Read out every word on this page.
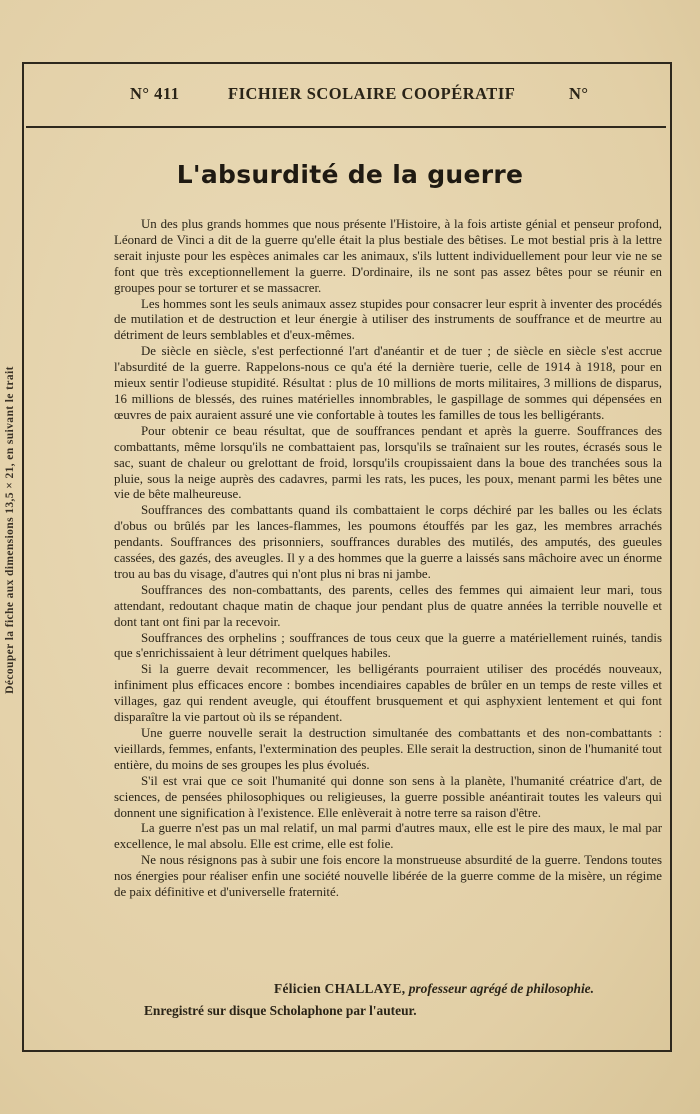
Découper la fiche aux dimensions 13,5 × 21, en suivant le trait
N° 411	FICHIER SCOLAIRE COOPÉRATIF	N°
L'absurdité de la guerre

Un des plus grands hommes que nous présente l'Histoire, à la fois artiste génial et penseur profond, Léonard de Vinci a dit de la guerre qu'elle était la plus bestiale des bêtises. Le mot bestial pris à la lettre serait injuste pour les espèces animales car les animaux, s'ils luttent individuellement pour leur vie ne se font que très exceptionnellement la guerre. D'ordinaire, ils ne sont pas assez bêtes pour se réunir en groupes pour se torturer et se massacrer.

Les hommes sont les seuls animaux assez stupides pour consacrer leur esprit à inventer des procédés de mutilation et de destruction et leur énergie à utiliser des instruments de souffrance et de meurtre au détriment de leurs semblables et d'eux-mêmes.

De siècle en siècle, s'est perfectionné l'art d'anéantir et de tuer ; de siècle en siècle s'est accrue l'absurdité de la guerre. Rappelons-nous ce qu'a été la dernière tuerie, celle de 1914 à 1918, pour en mieux sentir l'odieuse stupidité. Résultat : plus de 10 millions de morts militaires, 3 millions de disparus, 16 millions de blessés, des ruines matérielles innombrables, le gaspillage de sommes qui dépensées en œuvres de paix auraient assuré une vie confortable à toutes les familles de tous les belligérants.

Pour obtenir ce beau résultat, que de souffrances pendant et après la guerre. Souffrances des combattants, même lorsqu'ils ne combattaient pas, lorsqu'ils se traînaient sur les routes, écrasés sous le sac, suant de chaleur ou grelottant de froid, lorsqu'ils croupissaient dans la boue des tranchées sous la pluie, sous la neige auprès des cadavres, parmi les rats, les puces, les poux, menant parmi les bêtes une vie de bête malheureuse.

Souffrances des combattants quand ils combattaient le corps déchiré par les balles ou les éclats d'obus ou brûlés par les lances-flammes, les poumons étouffés par les gaz, les membres arrachés pendants. Souffrances des prisonniers, souffrances durables des mutilés, des amputés, des gueules cassées, des gazés, des aveugles. Il y a des hommes que la guerre a laissés sans mâchoire avec un énorme trou au bas du visage, d'autres qui n'ont plus ni bras ni jambe.

Souffrances des non-combattants, des parents, celles des femmes qui aimaient leur mari, tous attendant, redoutant chaque matin de chaque jour pendant plus de quatre années la terrible nouvelle et dont tant ont fini par la recevoir.

Souffrances des orphelins ; souffrances de tous ceux que la guerre a matériellement ruinés, tandis que s'enrichissaient à leur détriment quelques habiles.

Si la guerre devait recommencer, les belligérants pourraient utiliser des procédés nouveaux, infiniment plus efficaces encore : bombes incendiaires capables de brûler en un temps de reste villes et villages, gaz qui rendent aveugle, qui étouffent brusquement et qui asphyxient lentement et qui font disparaître la vie partout où ils se répandent.

Une guerre nouvelle serait la destruction simultanée des combattants et des non-combattants : vieillards, femmes, enfants, l'extermination des peuples. Elle serait la destruction, sinon de l'humanité tout entière, du moins de ses groupes les plus évolués.

S'il est vrai que ce soit l'humanité qui donne son sens à la planète, l'humanité créatrice d'art, de sciences, de pensées philosophiques ou religieuses, la guerre possible anéantirait toutes les valeurs qui donnent une signification à l'existence. Elle enlèverait à notre terre sa raison d'être.

La guerre n'est pas un mal relatif, un mal parmi d'autres maux, elle est le pire des maux, le mal par excellence, le mal absolu. Elle est crime, elle est folie.

Ne nous résignons pas à subir une fois encore la monstrueuse absurdité de la guerre. Tendons toutes nos énergies pour réaliser enfin une société nouvelle libérée de la guerre comme de la misère, un régime de paix définitive et d'universelle fraternité.

Félicien CHALLAYE, professeur agrégé de philosophie.
Enregistré sur disque Scholaphone par l'auteur.
